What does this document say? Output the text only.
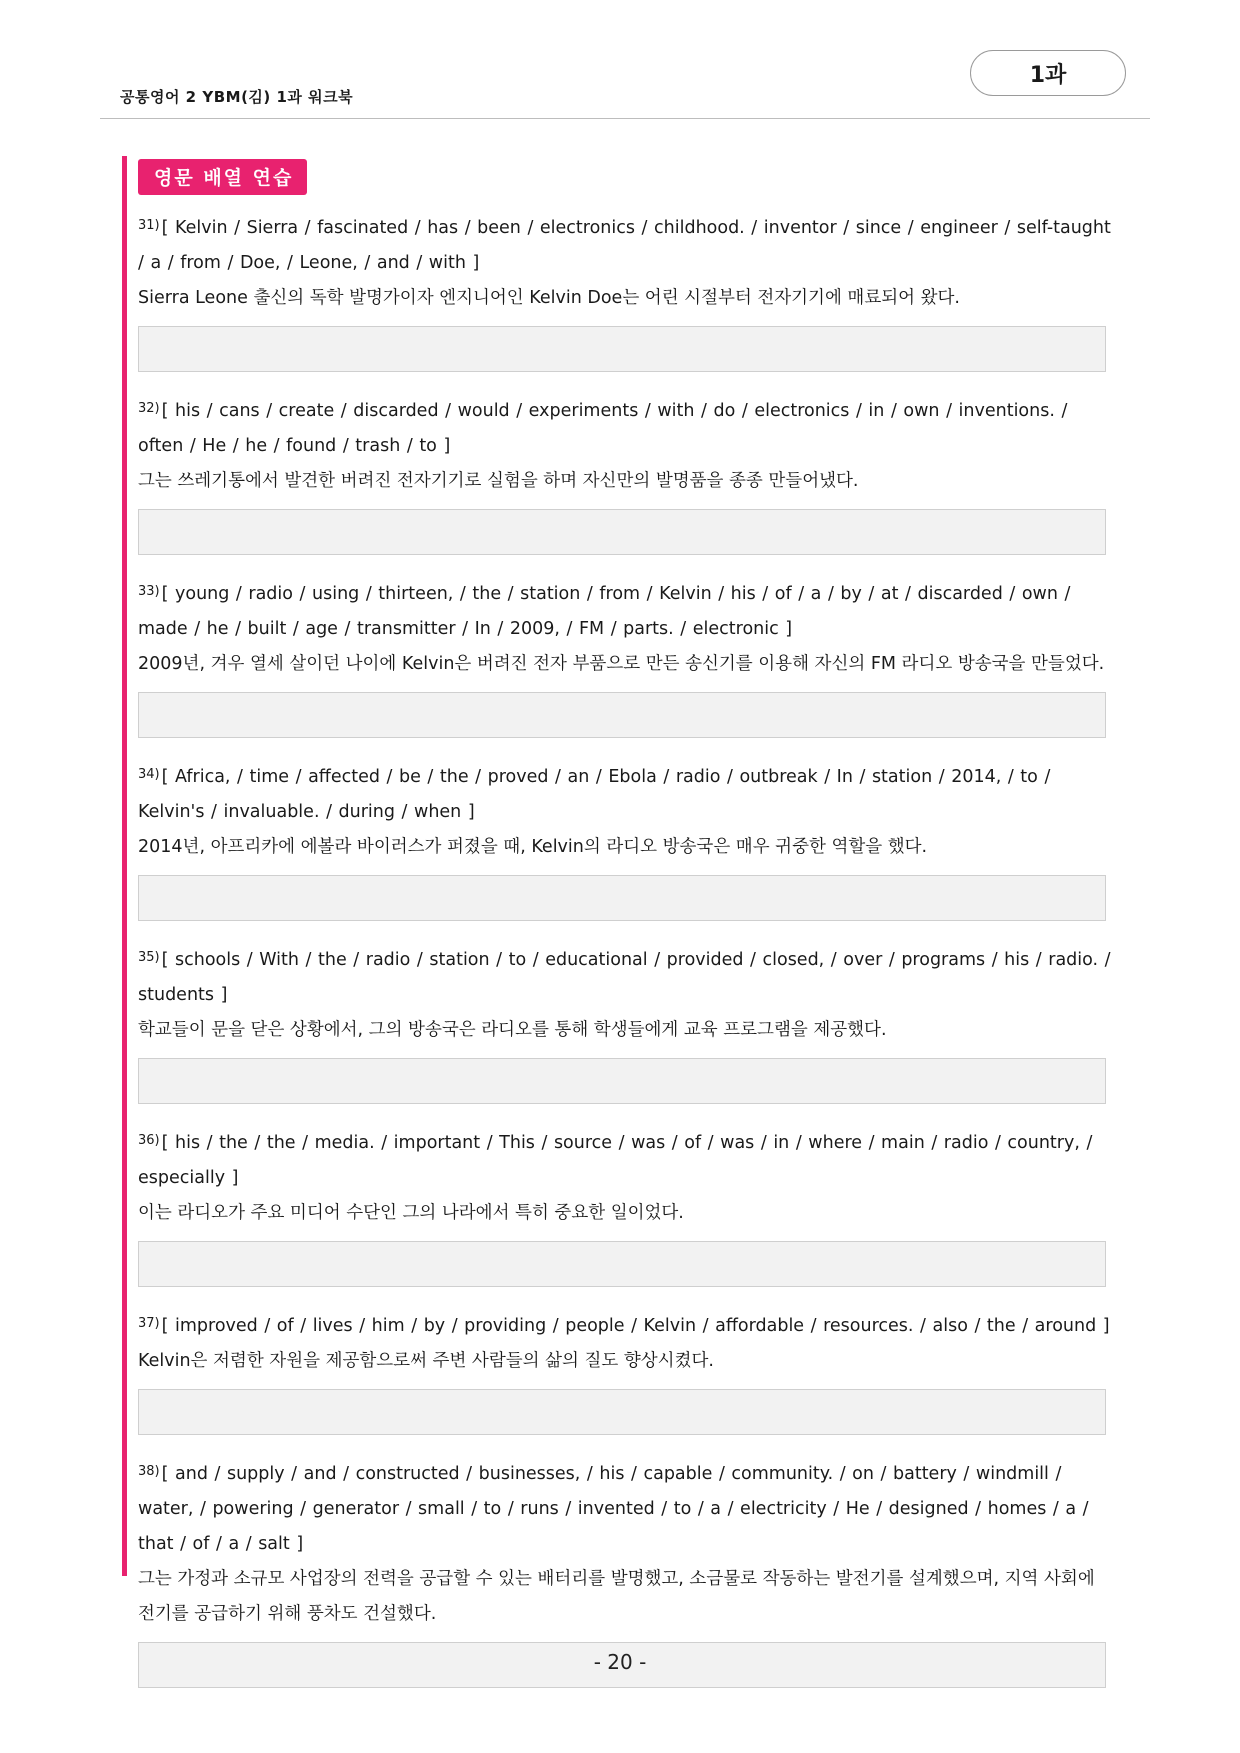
공통영어 2 YBM(김) 1과 워크북
1과
영문 배열 연습

$^{31)}$ [ Kelvin / Sierra / fascinated / has / been / electronics / childhood. / inventor / since / engineer / self-taught / a / from / Doe, / Leone, / and / with ]

Sierra Leone 출신의 독학 발명가이자 엔지니어인 Kelvin Doe는 어린 시절부터 전자기기에 매료되어 왔다.

$^{32)}$ [ his / cans / create / discarded / would / experiments / with / do / electronics / in / own / inventions. / often / He / he / found / trash / to ]

그는 쓰레기통에서 발견한 버려진 전자기기로 실험을 하며 자신만의 발명품을 종종 만들어냈다.

$^{33)}$ [ young / radio / using / thirteen, / the / station / from / Kelvin / his / of / a / by / at / discarded / own / made / he / built / age / transmitter / In / 2009, / FM / parts. / electronic ]

2009년, 겨우 열세 살이던 나이에 Kelvin은 버려진 전자 부품으로 만든 송신기를 이용해 자신의 FM 라디오 방송국을 만들었다.

$^{34)}$ [ Africa, / time / affected / be / the / proved / an / Ebola / radio / outbreak / In / station / 2014, / to / Kelvin's / invaluable. / during / when ]

2014년, 아프리카에 에볼라 바이러스가 퍼졌을 때, Kelvin의 라디오 방송국은 매우 귀중한 역할을 했다.

$^{35)}$ [ schools / With / the / radio / station / to / educational / provided / closed, / over / programs / his / radio. / students ]

학교들이 문을 닫은 상황에서, 그의 방송국은 라디오를 통해 학생들에게 교육 프로그램을 제공했다.

$^{36)}$ [ his / the / the / media. / important / This / source / was / of / was / in / where / main / radio / country, / especially ]

이는 라디오가 주요 미디어 수단인 그의 나라에서 특히 중요한 일이었다.

$^{37)}$ [ improved / of / lives / him / by / providing / people / Kelvin / affordable / resources. / also / the / around ]

Kelvin은 저렴한 자원을 제공함으로써 주변 사람들의 삶의 질도 향상시켰다.

$^{38)}$ [ and / supply / and / constructed / businesses, / his / capable / community. / on / battery / windmill / water, / powering / generator / small / to / runs / invented / to / a / electricity / He / designed / homes / a / that / of / a / salt ]

그는 가정과 소규모 사업장의 전력을 공급할 수 있는 배터리를 발명했고, 소금물로 작동하는 발전기를 설계했으며, 지역 사회에 전기를 공급하기 위해 풍차도 건설했다.

- 20 -
